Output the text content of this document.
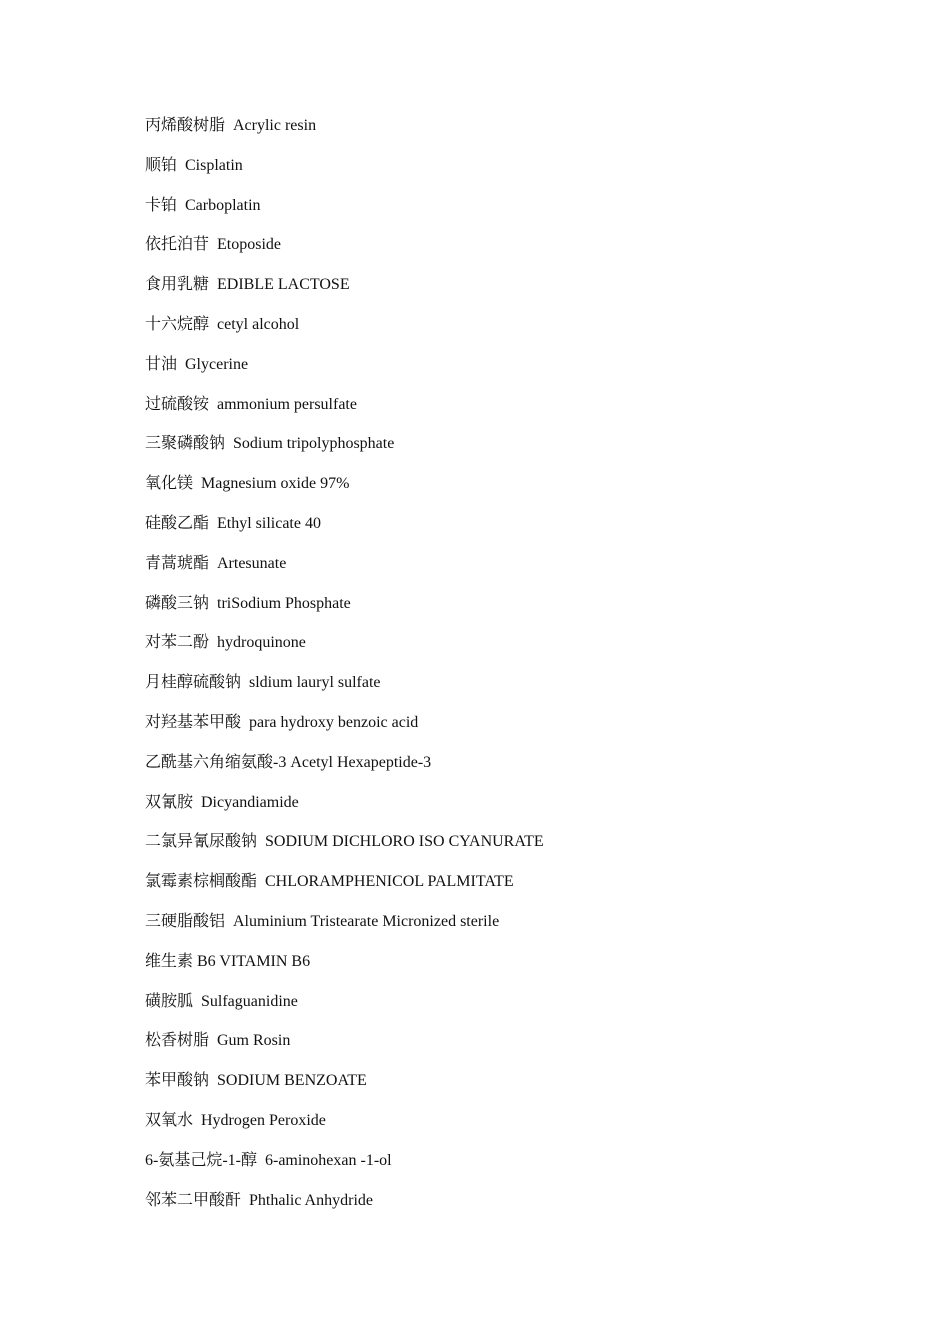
丙烯酸树脂  Acrylic resin
顺铂  Cisplatin
卡铂  Carboplatin
依托泊苷  Etoposide
食用乳糖  EDIBLE LACTOSE
十六烷醇  cetyl alcohol
甘油  Glycerine
过硫酸铵  ammonium persulfate
三聚磷酸钠  Sodium tripolyphosphate
氧化镁  Magnesium oxide 97%
硅酸乙酯  Ethyl silicate 40
青蒿琥酯  Artesunate
磷酸三钠  triSodium Phosphate
对苯二酚  hydroquinone
月桂醇硫酸钠  sldium lauryl sulfate
对羟基苯甲酸  para hydroxy benzoic acid
乙酰基六角缩氨酸-3 Acetyl Hexapeptide-3
双氰胺  Dicyandiamide
二氯异氰尿酸钠  SODIUM DICHLORO ISO CYANURATE
氯霉素棕榈酸酯  CHLORAMPHENICOL PALMITATE
三硬脂酸铝  Aluminium Tristearate Micronized sterile
维生素 B6 VITAMIN B6
磺胺胍  Sulfaguanidine
松香树脂  Gum Rosin
苯甲酸钠  SODIUM BENZOATE
双氧水  Hydrogen Peroxide
6-氨基己烷-1-醇  6-aminohexan -1-ol
邻苯二甲酸酐  Phthalic Anhydride
